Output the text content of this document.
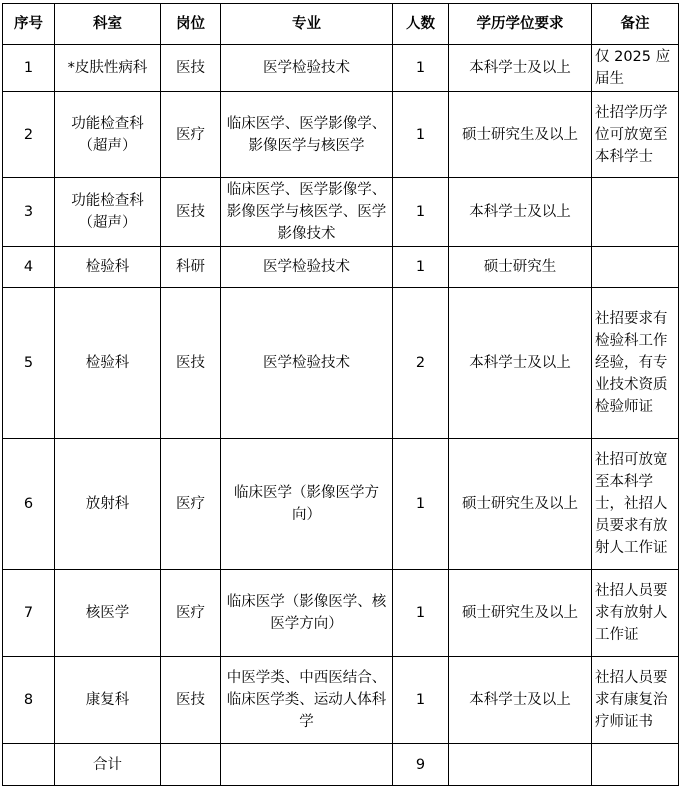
序号	科室	岗位	专业	人数	学历学位要求	备注
1	*皮肤性病科	医技	医学检验技术	1	本科学士及以上	仅 2025 应届生
2	功能检查科（超声）	医疗	临床医学、医学影像学、影像医学与核医学	1	硕士研究生及以上	社招学历学位可放宽至本科学士
3	功能检查科（超声）	医技	临床医学、医学影像学、影像医学与核医学、医学影像技术	1	本科学士及以上	
4	检验科	科研	医学检验技术	1	硕士研究生	
5	检验科	医技	医学检验技术	2	本科学士及以上	社招要求有检验科工作经验，有专业技术资质检验师证
6	放射科	医疗	临床医学（影像医学方向）	1	硕士研究生及以上	社招可放宽至本科学士，社招人员要求有放射人工作证
7	核医学	医疗	临床医学（影像医学、核医学方向）	1	硕士研究生及以上	社招人员要求有放射人工作证
8	康复科	医技	中医学类、中西医结合、临床医学类、运动人体科学	1	本科学士及以上	社招人员要求有康复治疗师证书
	合计			9		
